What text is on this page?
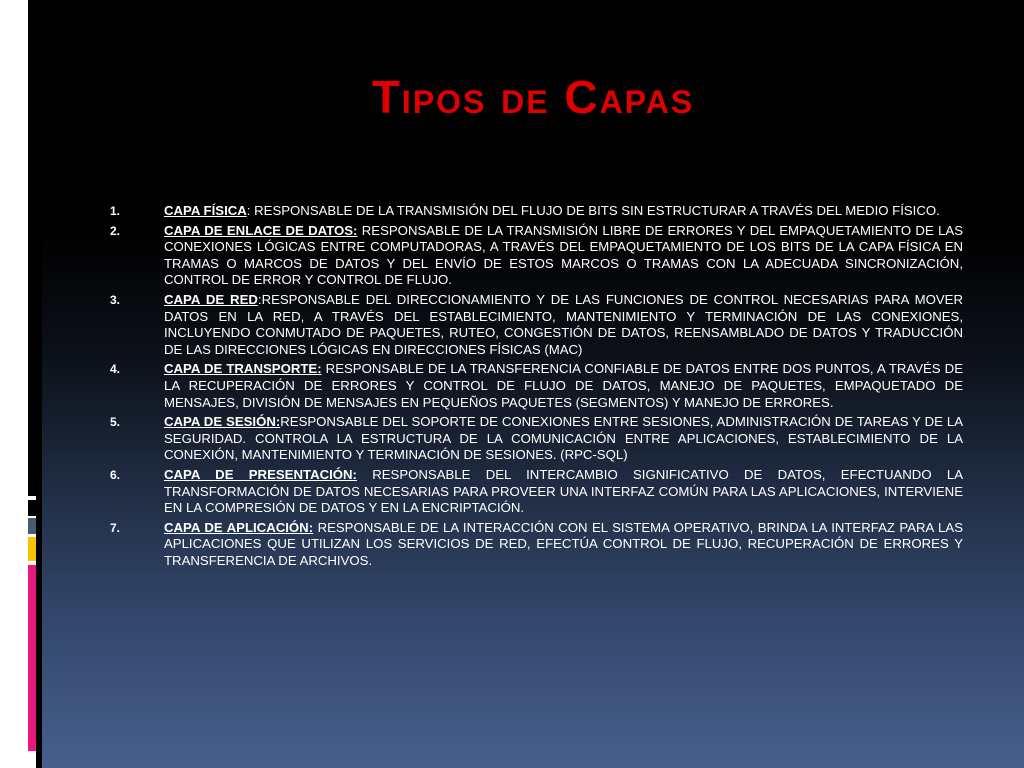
Tipos de Capas
1.	CAPA FÍSICA: RESPONSABLE DE LA TRANSMISIÓN DEL FLUJO DE BITS SIN ESTRUCTURAR A TRAVÉS DEL MEDIO FÍSICO.
2.	CAPA DE ENLACE DE DATOS: RESPONSABLE DE LA TRANSMISIÓN LIBRE DE ERRORES Y DEL EMPAQUETAMIENTO DE LAS CONEXIONES LÓGICAS ENTRE COMPUTADORAS, A TRAVÉS DEL EMPAQUETAMIENTO DE LOS BITS DE LA CAPA FÍSICA EN TRAMAS O MARCOS DE DATOS Y DEL ENVÍO DE ESTOS MARCOS O TRAMAS CON LA ADECUADA SINCRONIZACIÓN, CONTROL DE ERROR Y CONTROL DE FLUJO.
3.	CAPA DE RED:RESPONSABLE DEL DIRECCIONAMIENTO Y DE LAS FUNCIONES DE CONTROL NECESARIAS PARA MOVER DATOS EN LA RED, A TRAVÉS DEL ESTABLECIMIENTO, MANTENIMIENTO Y TERMINACIÓN DE LAS CONEXIONES, INCLUYENDO CONMUTADO DE PAQUETES, RUTEO, CONGESTIÓN DE DATOS, REENSAMBLADO DE DATOS Y TRADUCCIÓN DE LAS DIRECCIONES LÓGICAS EN DIRECCIONES FÍSICAS (MAC)
4.	CAPA DE TRANSPORTE: RESPONSABLE DE LA TRANSFERENCIA CONFIABLE DE DATOS ENTRE DOS PUNTOS, A TRAVÉS DE LA RECUPERACIÓN DE ERRORES Y CONTROL DE FLUJO DE DATOS, MANEJO DE PAQUETES, EMPAQUETADO DE MENSAJES, DIVISIÓN DE MENSAJES EN PEQUEÑOS PAQUETES (SEGMENTOS) Y MANEJO DE ERRORES.
5.	CAPA DE SESIÓN:RESPONSABLE DEL SOPORTE DE CONEXIONES ENTRE SESIONES, ADMINISTRACIÓN DE TAREAS Y DE LA SEGURIDAD. CONTROLA LA ESTRUCTURA DE LA COMUNICACIÓN ENTRE APLICACIONES, ESTABLECIMIENTO DE LA CONEXIÓN, MANTENIMIENTO Y TERMINACIÓN DE SESIONES. (RPC-SQL)
6.	CAPA DE PRESENTACIÓN: RESPONSABLE DEL INTERCAMBIO SIGNIFICATIVO DE DATOS, EFECTUANDO LA TRANSFORMACIÓN DE DATOS NECESARIAS PARA PROVEER UNA INTERFAZ COMÚN PARA LAS APLICACIONES, INTERVIENE EN LA COMPRESIÓN DE DATOS Y EN LA ENCRIPTACIÓN.
7.	CAPA DE APLICACIÓN: RESPONSABLE DE LA INTERACCIÓN CON EL SISTEMA OPERATIVO, BRINDA LA INTERFAZ PARA LAS APLICACIONES QUE UTILIZAN LOS SERVICIOS DE RED, EFECTÚA CONTROL DE FLUJO, RECUPERACIÓN DE ERRORES Y TRANSFERENCIA DE ARCHIVOS.
